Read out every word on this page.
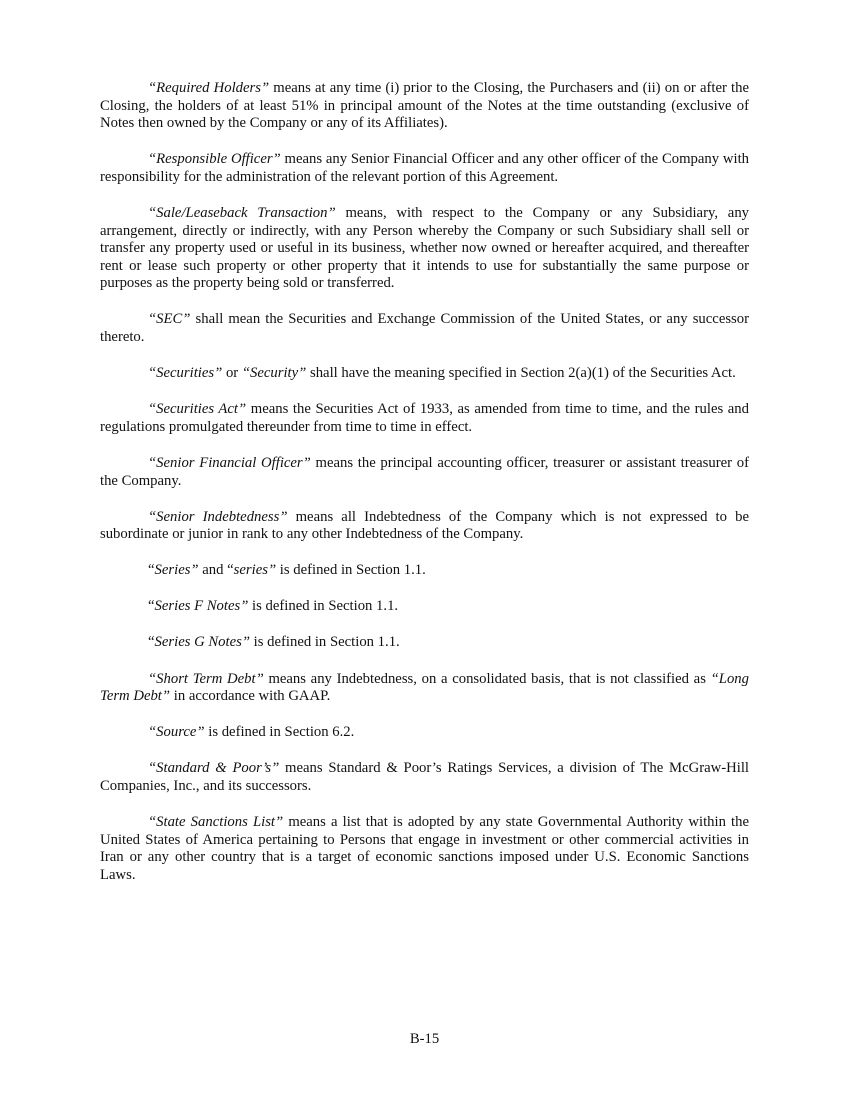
“Required Holders” means at any time (i) prior to the Closing, the Purchasers and (ii) on or after the Closing, the holders of at least 51% in principal amount of the Notes at the time outstanding (exclusive of Notes then owned by the Company or any of its Affiliates).

“Responsible Officer” means any Senior Financial Officer and any other officer of the Company with responsibility for the administration of the relevant portion of this Agreement.

“Sale/Leaseback Transaction” means, with respect to the Company or any Subsidiary, any arrangement, directly or indirectly, with any Person whereby the Company or such Subsidiary shall sell or transfer any property used or useful in its business, whether now owned or hereafter acquired, and thereafter rent or lease such property or other property that it intends to use for substantially the same purpose or purposes as the property being sold or transferred.

“SEC” shall mean the Securities and Exchange Commission of the United States, or any successor thereto.

“Securities” or “Security” shall have the meaning specified in Section 2(a)(1) of the Securities Act.

“Securities Act” means the Securities Act of 1933, as amended from time to time, and the rules and regulations promulgated thereunder from time to time in effect.

“Senior Financial Officer” means the principal accounting officer, treasurer or assistant treasurer of the Company.

“Senior Indebtedness” means all Indebtedness of the Company which is not expressed to be subordinate or junior in rank to any other Indebtedness of the Company.

“Series” and “series” is defined in Section 1.1.

“Series F Notes” is defined in Section 1.1.

“Series G Notes” is defined in Section 1.1.

“Short Term Debt” means any Indebtedness, on a consolidated basis, that is not classified as “Long Term Debt” in accordance with GAAP.

“Source” is defined in Section 6.2.

“Standard & Poor’s” means Standard & Poor’s Ratings Services, a division of The McGraw-Hill Companies, Inc., and its successors.

“State Sanctions List” means a list that is adopted by any state Governmental Authority within the United States of America pertaining to Persons that engage in investment or other commercial activities in Iran or any other country that is a target of economic sanctions imposed under U.S. Economic Sanctions Laws.

B-15
